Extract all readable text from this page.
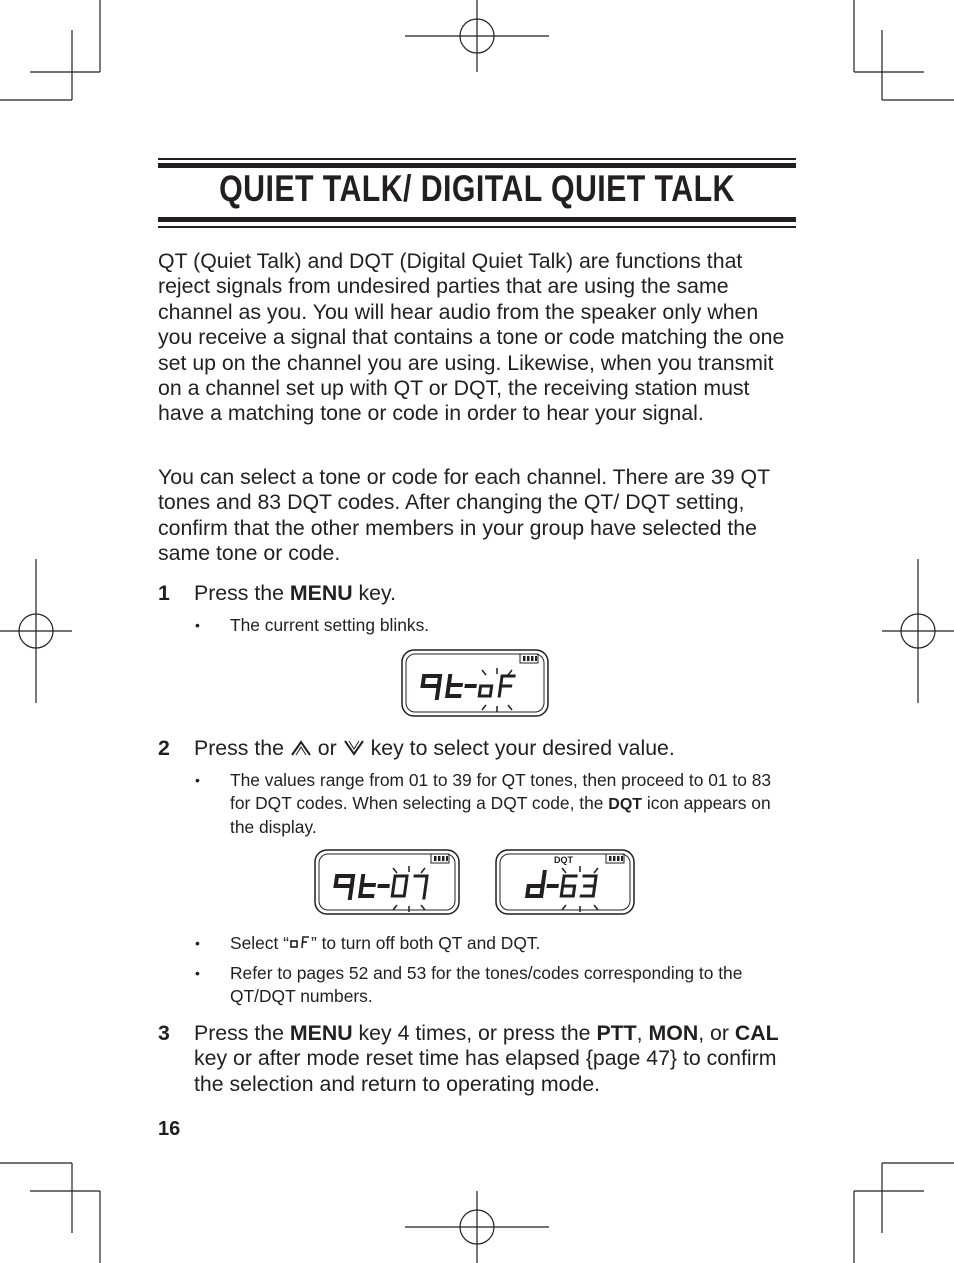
QUIET TALK/ DIGITAL QUIET TALK

QT (Quiet Talk) and DQT (Digital Quiet Talk) are functions that reject signals from undesired parties that are using the same channel as you. You will hear audio from the speaker only when you receive a signal that contains a tone or code matching the one set up on the channel you are using. Likewise, when you transmit on a channel set up with QT or DQT, the receiving station must have a matching tone or code in order to hear your signal.

You can select a tone or code for each channel. There are 39 QT tones and 83 DQT codes. After changing the QT/ DQT setting, confirm that the other members in your group have selected the same tone or code.

1 Press the MENU key.
• The current setting blinks.
2 Press the  or  key to select your desired value.
• The values range from 01 to 39 for QT tones, then proceed to 01 to 83 for DQT codes. When selecting a DQT code, the DQT icon appears on the display.
DQT
• Select “ ” to turn off both QT and DQT.
• Refer to pages 52 and 53 for the tones/codes corresponding to the QT/DQT numbers.
3 Press the MENU key 4 times, or press the PTT, MON, or CAL key or after mode reset time has elapsed {page 47} to confirm the selection and return to operating mode.
16
